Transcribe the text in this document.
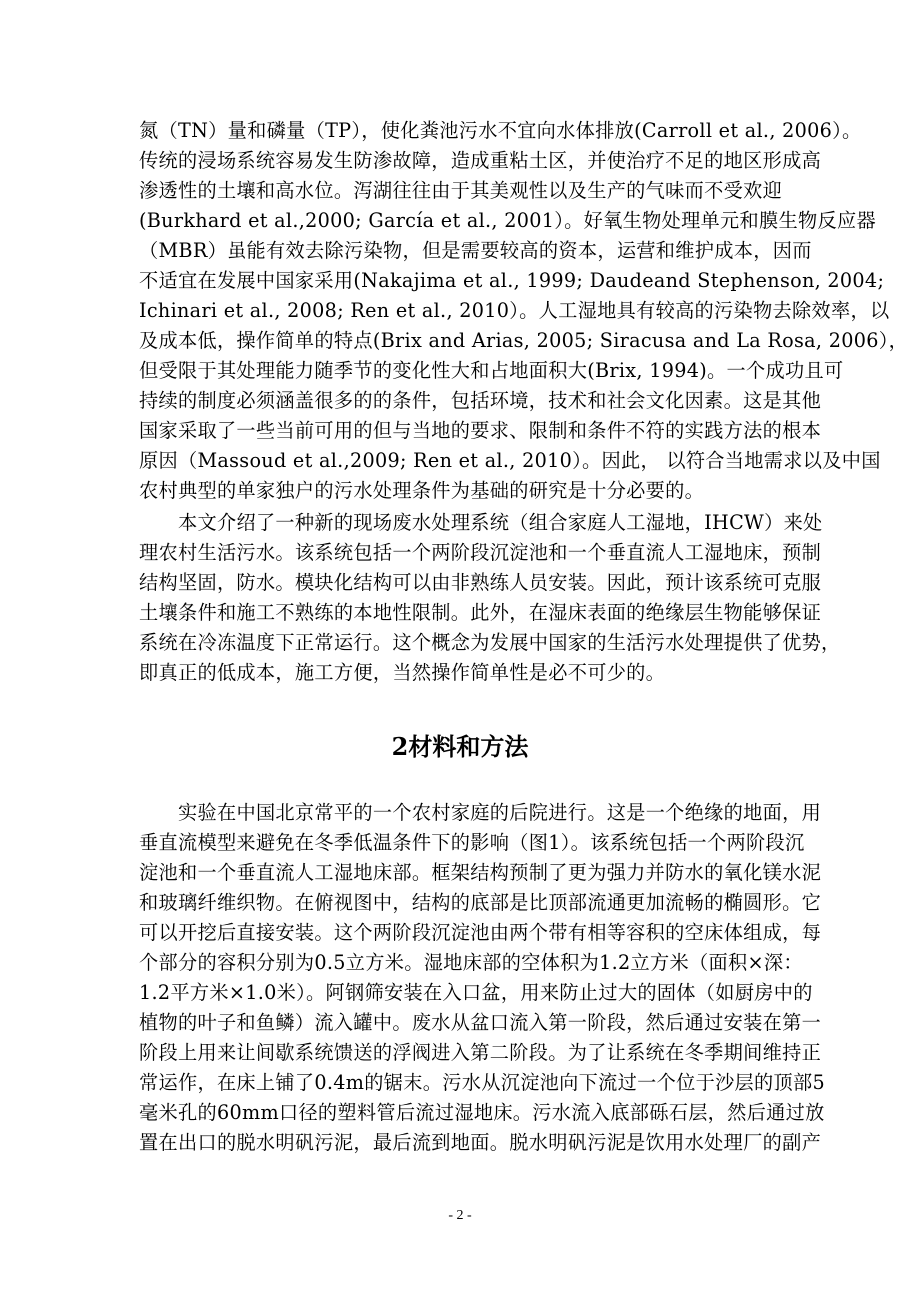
氮（TN）量和磷量（TP），使化粪池污水不宜向水体排放(Carroll et al., 2006）。
传统的浸场系统容易发生防渗故障，造成重粘土区，并使治疗不足的地区形成高
渗透性的土壤和高水位。泻湖往往由于其美观性以及生产的气味而不受欢迎
(Burkhard et al.,2000; García et al., 2001）。好氧生物处理单元和膜生物反应器
（MBR）虽能有效去除污染物，但是需要较高的资本，运营和维护成本，因而
不适宜在发展中国家采用(Nakajima et al., 1999; Daudeand Stephenson, 2004;
Ichinari et al., 2008; Ren et al., 2010）。人工湿地具有较高的污染物去除效率，以
及成本低，操作简单的特点(Brix and Arias, 2005; Siracusa and La Rosa, 2006），
但受限于其处理能力随季节的变化性大和占地面积大(Brix, 1994)。一个成功且可
持续的制度必须涵盖很多的的条件，包括环境，技术和社会文化因素。这是其他
国家采取了一些当前可用的但与当地的要求、限制和条件不符的实践方法的根本
原因（Massoud et al.,2009; Ren et al., 2010）。因此， 以符合当地需求以及中国
农村典型的单家独户的污水处理条件为基础的研究是十分必要的。
本文介绍了一种新的现场废水处理系统（组合家庭人工湿地，IHCW）来处
理农村生活污水。该系统包括一个两阶段沉淀池和一个垂直流人工湿地床，预制
结构坚固，防水。模块化结构可以由非熟练人员安装。因此，预计该系统可克服
土壤条件和施工不熟练的本地性限制。此外，在湿床表面的绝缘层生物能够保证
系统在冷冻温度下正常运行。这个概念为发展中国家的生活污水处理提供了优势，
即真正的低成本，施工方便，当然操作简单性是必不可少的。
2材料和方法
实验在中国北京常平的一个农村家庭的后院进行。这是一个绝缘的地面，用
垂直流模型来避免在冬季低温条件下的影响（图1）。该系统包括一个两阶段沉
淀池和一个垂直流人工湿地床部。框架结构预制了更为强力并防水的氧化镁水泥
和玻璃纤维织物。在俯视图中，结构的底部是比顶部流通更加流畅的椭圆形。它
可以开挖后直接安装。这个两阶段沉淀池由两个带有相等容积的空床体组成，每
个部分的容积分别为0.5立方米。湿地床部的空体积为1.2立方米（面积×深：
1.2平方米×1.0米）。阿钢筛安装在入口盆，用来防止过大的固体（如厨房中的
植物的叶子和鱼鳞）流入罐中。废水从盆口流入第一阶段，然后通过安装在第一
阶段上用来让间歇系统馈送的浮阀进入第二阶段。为了让系统在冬季期间维持正
常运作，在床上铺了0.4m的锯末。污水从沉淀池向下流过一个位于沙层的顶部5
毫米孔的60mm口径的塑料管后流过湿地床。污水流入底部砾石层，然后通过放
置在出口的脱水明矾污泥，最后流到地面。脱水明矾污泥是饮用水处理厂的副产
- 2 -
